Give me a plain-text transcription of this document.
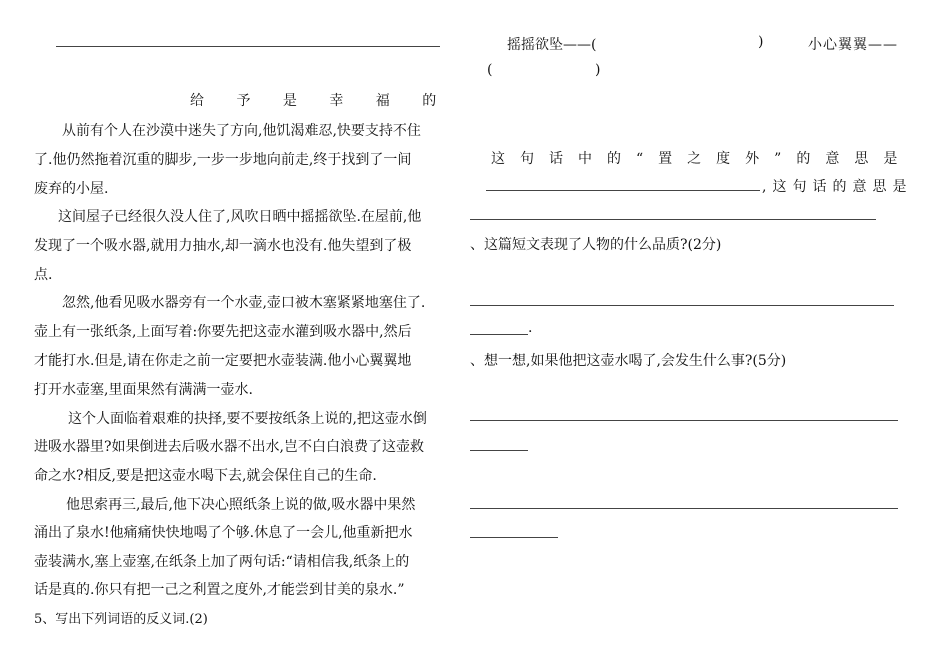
给 予 是 幸 福 的
从前有个人在沙漠中迷失了方向,他饥渴难忍,快要支持不住
了.他仍然拖着沉重的脚步,一步一步地向前走,终于找到了一间
废弃的小屋.
这间屋子已经很久没人住了,风吹日晒中摇摇欲坠.在屋前,他
发现了一个吸水器,就用力抽水,却一滴水也没有.他失望到了极
点.
忽然,他看见吸水器旁有一个水壶,壶口被木塞紧紧地塞住了.
壶上有一张纸条,上面写着:你要先把这壶水灌到吸水器中,然后
才能打水.但是,请在你走之前一定要把水壶装满.他小心翼翼地
打开水壶塞,里面果然有满满一壶水.
这个人面临着艰难的抉择,要不要按纸条上说的,把这壶水倒
进吸水器里?如果倒进去后吸水器不出水,岂不白白浪费了这壶救
命之水?相反,要是把这壶水喝下去,就会保住自己的生命.
他思索再三,最后,他下决心照纸条上说的做,吸水器中果然
涌出了泉水!他痛痛快快地喝了个够.休息了一会儿,他重新把水
壶装满水,塞上壶塞,在纸条上加了两句话:“请相信我,纸条上的
话是真的.你只有把一己之利置之度外,才能尝到甘美的泉水.”
5、写出下列词语的反义词.(2)
摇摇欲坠——(	)	小心翼翼——
(	)
这句话中的“置之度外”的意思是
,这句话的意思是
、这篇短文表现了人物的什么品质?(2分)
.
、想一想,如果他把这壶水喝了,会发生什么事?(5分)
